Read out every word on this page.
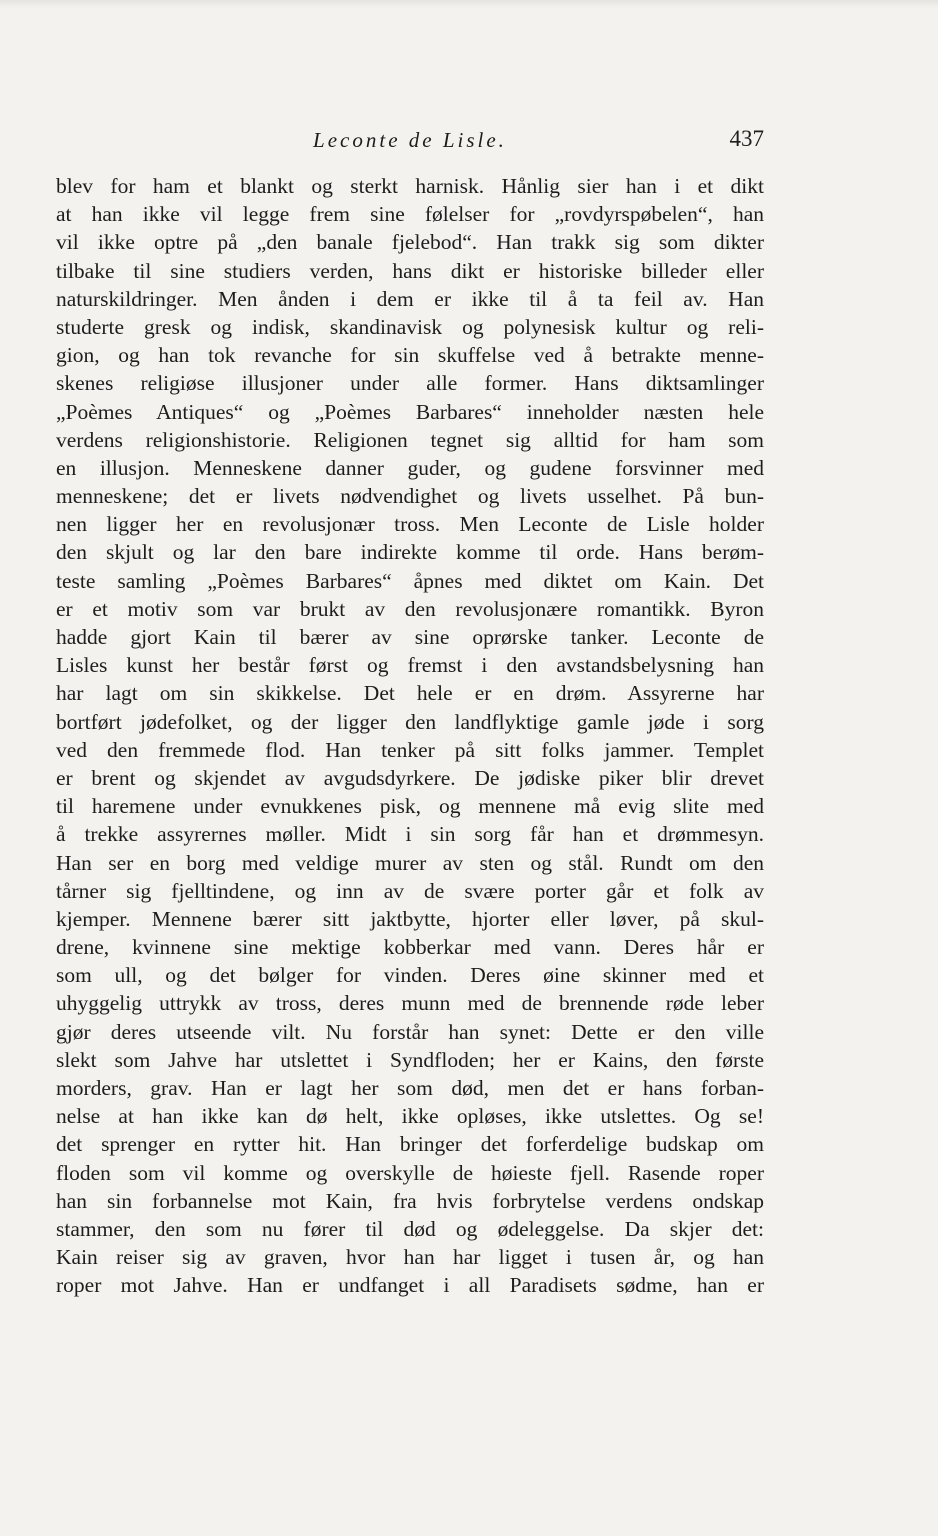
Leconte de Lisle.	437
blev for ham et blankt og sterkt harnisk. Hånlig sier han i et dikt
at han ikke vil legge frem sine følelser for „rovdyrspøbelen“, han
vil ikke optre på „den banale fjelebod“. Han trakk sig som dikter
tilbake til sine studiers verden, hans dikt er historiske billeder eller
naturskildringer. Men ånden i dem er ikke til å ta feil av. Han
studerte gresk og indisk, skandinavisk og polynesisk kultur og reli-
gion, og han tok revanche for sin skuffelse ved å betrakte menne-
skenes religiøse illusjoner under alle former. Hans diktsamlinger
„Poèmes Antiques“ og „Poèmes Barbares“ inneholder næsten hele
verdens religionshistorie. Religionen tegnet sig alltid for ham som
en illusjon. Menneskene danner guder, og gudene forsvinner med
menneskene; det er livets nødvendighet og livets usselhet. På bun-
nen ligger her en revolusjonær tross. Men Leconte de Lisle holder
den skjult og lar den bare indirekte komme til orde. Hans berøm-
teste samling „Poèmes Barbares“ åpnes med diktet om Kain. Det
er et motiv som var brukt av den revolusjonære romantikk. Byron
hadde gjort Kain til bærer av sine oprørske tanker. Leconte de
Lisles kunst her består først og fremst i den avstandsbelysning han
har lagt om sin skikkelse. Det hele er en drøm. Assyrerne har
bortført jødefolket, og der ligger den landflyktige gamle jøde i sorg
ved den fremmede flod. Han tenker på sitt folks jammer. Templet
er brent og skjendet av avgudsdyrkere. De jødiske piker blir drevet
til haremene under evnukkenes pisk, og mennene må evig slite med
å trekke assyrernes møller. Midt i sin sorg får han et drømmesyn.
Han ser en borg med veldige murer av sten og stål. Rundt om den
tårner sig fjelltindene, og inn av de svære porter går et folk av
kjemper. Mennene bærer sitt jaktbytte, hjorter eller løver, på skul-
drene, kvinnene sine mektige kobberkar med vann. Deres hår er
som ull, og det bølger for vinden. Deres øine skinner med et
uhyggelig uttrykk av tross, deres munn med de brennende røde leber
gjør deres utseende vilt. Nu forstår han synet: Dette er den ville
slekt som Jahve har utslettet i Syndfloden; her er Kains, den første
morders, grav. Han er lagt her som død, men det er hans forban-
nelse at han ikke kan dø helt, ikke opløses, ikke utslettes. Og se!
det sprenger en rytter hit. Han bringer det forferdelige budskap om
floden som vil komme og overskylle de høieste fjell. Rasende roper
han sin forbannelse mot Kain, fra hvis forbrytelse verdens ondskap
stammer, den som nu fører til død og ødeleggelse. Da skjer det:
Kain reiser sig av graven, hvor han har ligget i tusen år, og han
roper mot Jahve. Han er undfanget i all Paradisets sødme, han er
